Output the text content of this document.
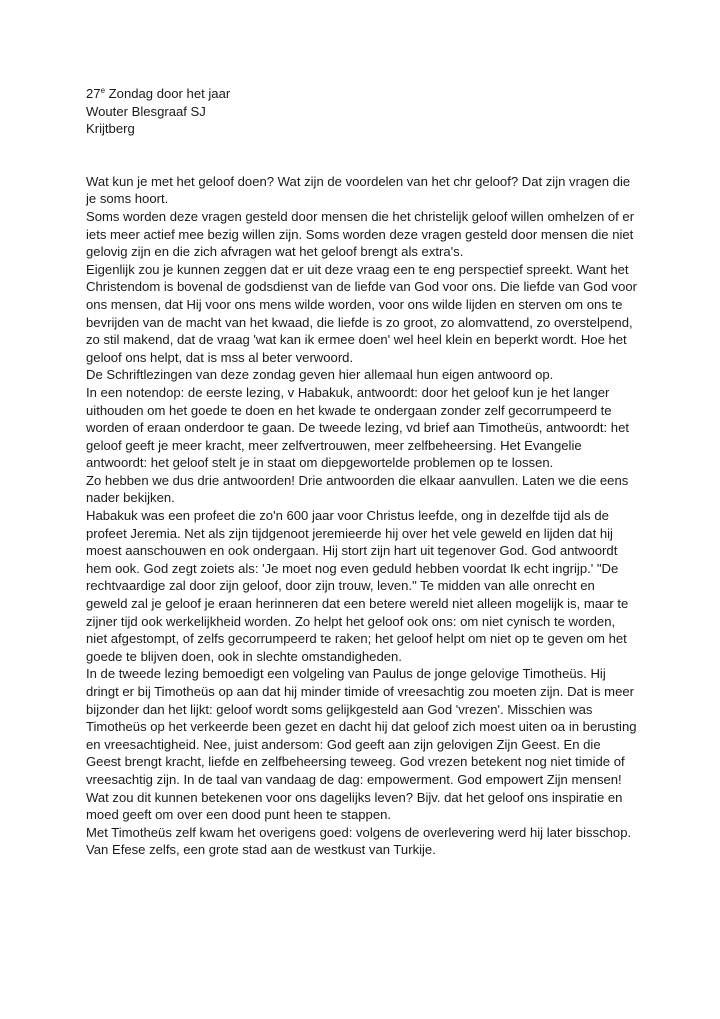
27e Zondag door het jaar
Wouter Blesgraaf SJ
Krijtberg

Wat kun je met het geloof doen? Wat zijn de voordelen van het chr geloof? Dat zijn vragen die je soms hoort.

Soms worden deze vragen gesteld door mensen die het christelijk geloof willen omhelzen of er iets meer actief mee bezig willen zijn. Soms worden deze vragen gesteld door mensen die niet gelovig zijn en die zich afvragen wat het geloof brengt als extra's.

Eigenlijk zou je kunnen zeggen dat er uit deze vraag een te eng perspectief spreekt. Want het Christendom is bovenal de godsdienst van de liefde van God voor ons. Die liefde van God voor ons mensen, dat Hij voor ons mens wilde worden, voor ons wilde lijden en sterven om ons te bevrijden van de macht van het kwaad, die liefde is zo groot, zo alomvattend, zo overstelpend, zo stil makend, dat de vraag 'wat kan ik ermee doen' wel heel klein en beperkt wordt. Hoe het geloof ons helpt, dat is mss al beter verwoord.

De Schriftlezingen van deze zondag geven hier allemaal hun eigen antwoord op.

In een notendop: de eerste lezing, v Habakuk, antwoordt: door het geloof kun je het langer uithouden om het goede te doen en het kwade te ondergaan zonder zelf gecorrumpeerd te worden of eraan onderdoor te gaan. De tweede lezing, vd brief aan Timotheüs, antwoordt: het geloof geeft je meer kracht, meer zelfvertrouwen, meer zelfbeheersing. Het Evangelie antwoordt: het geloof stelt je in staat om diepgewortelde problemen op te lossen.

Zo hebben we dus drie antwoorden! Drie antwoorden die elkaar aanvullen. Laten we die eens nader bekijken.

Habakuk was een profeet die zo'n 600 jaar voor Christus leefde, ong in dezelfde tijd als de profeet Jeremia. Net als zijn tijdgenoot jeremieerde hij over het vele geweld en lijden dat hij moest aanschouwen en ook ondergaan. Hij stort zijn hart uit tegenover God. God antwoordt hem ook. God zegt zoiets als: 'Je moet nog even geduld hebben voordat Ik echt ingrijp.' "De rechtvaardige zal door zijn geloof, door zijn trouw, leven." Te midden van alle onrecht en geweld zal je geloof je eraan herinneren dat een betere wereld niet alleen mogelijk is, maar te zijner tijd ook werkelijkheid worden. Zo helpt het geloof ook ons: om niet cynisch te worden, niet afgestompt, of zelfs gecorrumpeerd te raken; het geloof helpt om niet op te geven om het goede te blijven doen, ook in slechte omstandigheden.

In de tweede lezing bemoedigt een volgeling van Paulus de jonge gelovige Timotheüs. Hij dringt er bij Timotheüs op aan dat hij minder timide of vreesachtig zou moeten zijn. Dat is meer bijzonder dan het lijkt: geloof wordt soms gelijkgesteld aan God 'vrezen'. Misschien was Timotheüs op het verkeerde been gezet en dacht hij dat geloof zich moest uiten oa in berusting en vreesachtigheid. Nee, juist andersom: God geeft aan zijn gelovigen Zijn Geest. En die Geest brengt kracht, liefde en zelfbeheersing teweeg. God vrezen betekent nog niet timide of vreesachtig zijn. In de taal van vandaag de dag: empowerment. God empowert Zijn mensen! Wat zou dit kunnen betekenen voor ons dagelijks leven? Bijv. dat het geloof ons inspiratie en moed geeft om over een dood punt heen te stappen.

Met Timotheüs zelf kwam het overigens goed: volgens de overlevering werd hij later bisschop. Van Efese zelfs, een grote stad aan de westkust van Turkije.
